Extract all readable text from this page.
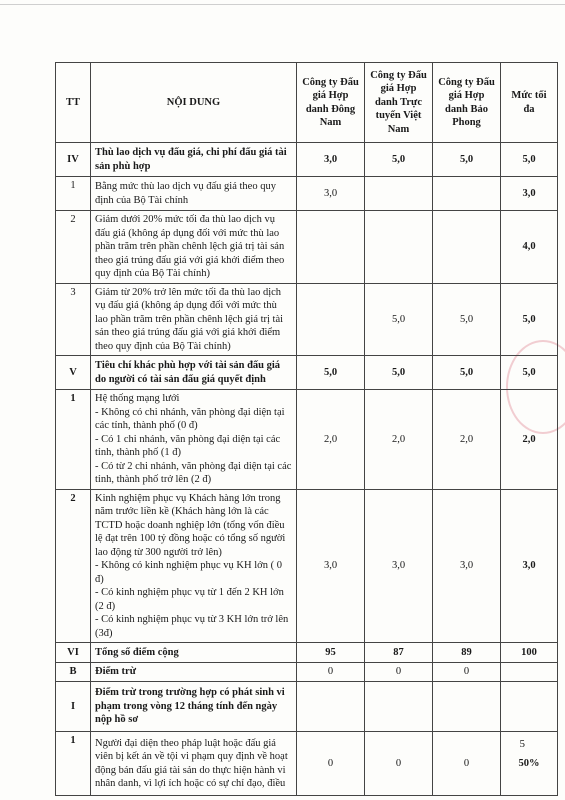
TT	NỘI DUNG	Công ty Đấu giá Hợp danh Đông Nam	Công ty Đấu giá Hợp danh Trực tuyến Việt Nam	Công ty Đấu giá Hợp danh Bảo Phong	Mức tối đa
IV	Thù lao dịch vụ đấu giá, chi phí đấu giá tài sản phù hợp	3,0	5,0	5,0	5,0
1	Bằng mức thù lao dịch vụ đấu giá theo quy định của Bộ Tài chính	3,0			3,0
2	Giảm dưới 20% mức tối đa thù lao dịch vụ đấu giá (không áp dụng đối với mức thù lao phần trăm trên phần chênh lệch giá trị tài sản theo giá trúng đấu giá với giá khởi điểm theo quy định của Bộ Tài chính)				4,0
3	Giảm từ 20% trở lên mức tối đa thù lao dịch vụ đấu giá (không áp dụng đối với mức thù lao phần trăm trên phần chênh lệch giá trị tài sản theo giá trúng đấu giá với giá khởi điểm theo quy định của Bộ Tài chính)		5,0	5,0	5,0
V	Tiêu chí khác phù hợp với tài sản đấu giá do người có tài sản đấu giá quyết định	5,0	5,0	5,0	5,0
1	Hệ thống mạng lưới
- Không có chi nhánh, văn phòng đại diện tại các tỉnh, thành phố (0 đ)
- Có 1 chi nhánh, văn phòng đại diện tại các tỉnh, thành phố (1 đ)
- Có từ 2 chi nhánh, văn phòng đại diện tại các tỉnh, thành phố trở lên (2 đ)	2,0	2,0	2,0	2,0
2	Kinh nghiệm phục vụ Khách hàng lớn trong năm trước liền kề (Khách hàng lớn là các TCTD hoặc doanh nghiệp lớn (tổng vốn điều lệ đạt trên 100 tỷ đồng hoặc có tổng số người lao động từ 300 người trở lên)
- Không có kinh nghiệm phục vụ KH lớn ( 0 đ)
- Có kinh nghiệm phục vụ từ 1 đến 2 KH lớn (2 đ)
- Có kinh nghiệm phục vụ từ 3 KH lớn trở lên (3đ)	3,0	3,0	3,0	3,0
VI	Tổng số điểm cộng	95	87	89	100
B	Điểm trừ	0	0	0	
I	Điểm trừ trong trường hợp có phát sinh vi phạm trong vòng 12 tháng tính đến ngày nộp hồ sơ				
1	Người đại diện theo pháp luật hoặc đấu giá viên bị kết án về tội vi phạm quy định về hoạt động bán đấu giá tài sản do thực hiện hành vi nhân danh, vì lợi ích hoặc có sự chỉ đạo, điều	0	0	0	50%
5
